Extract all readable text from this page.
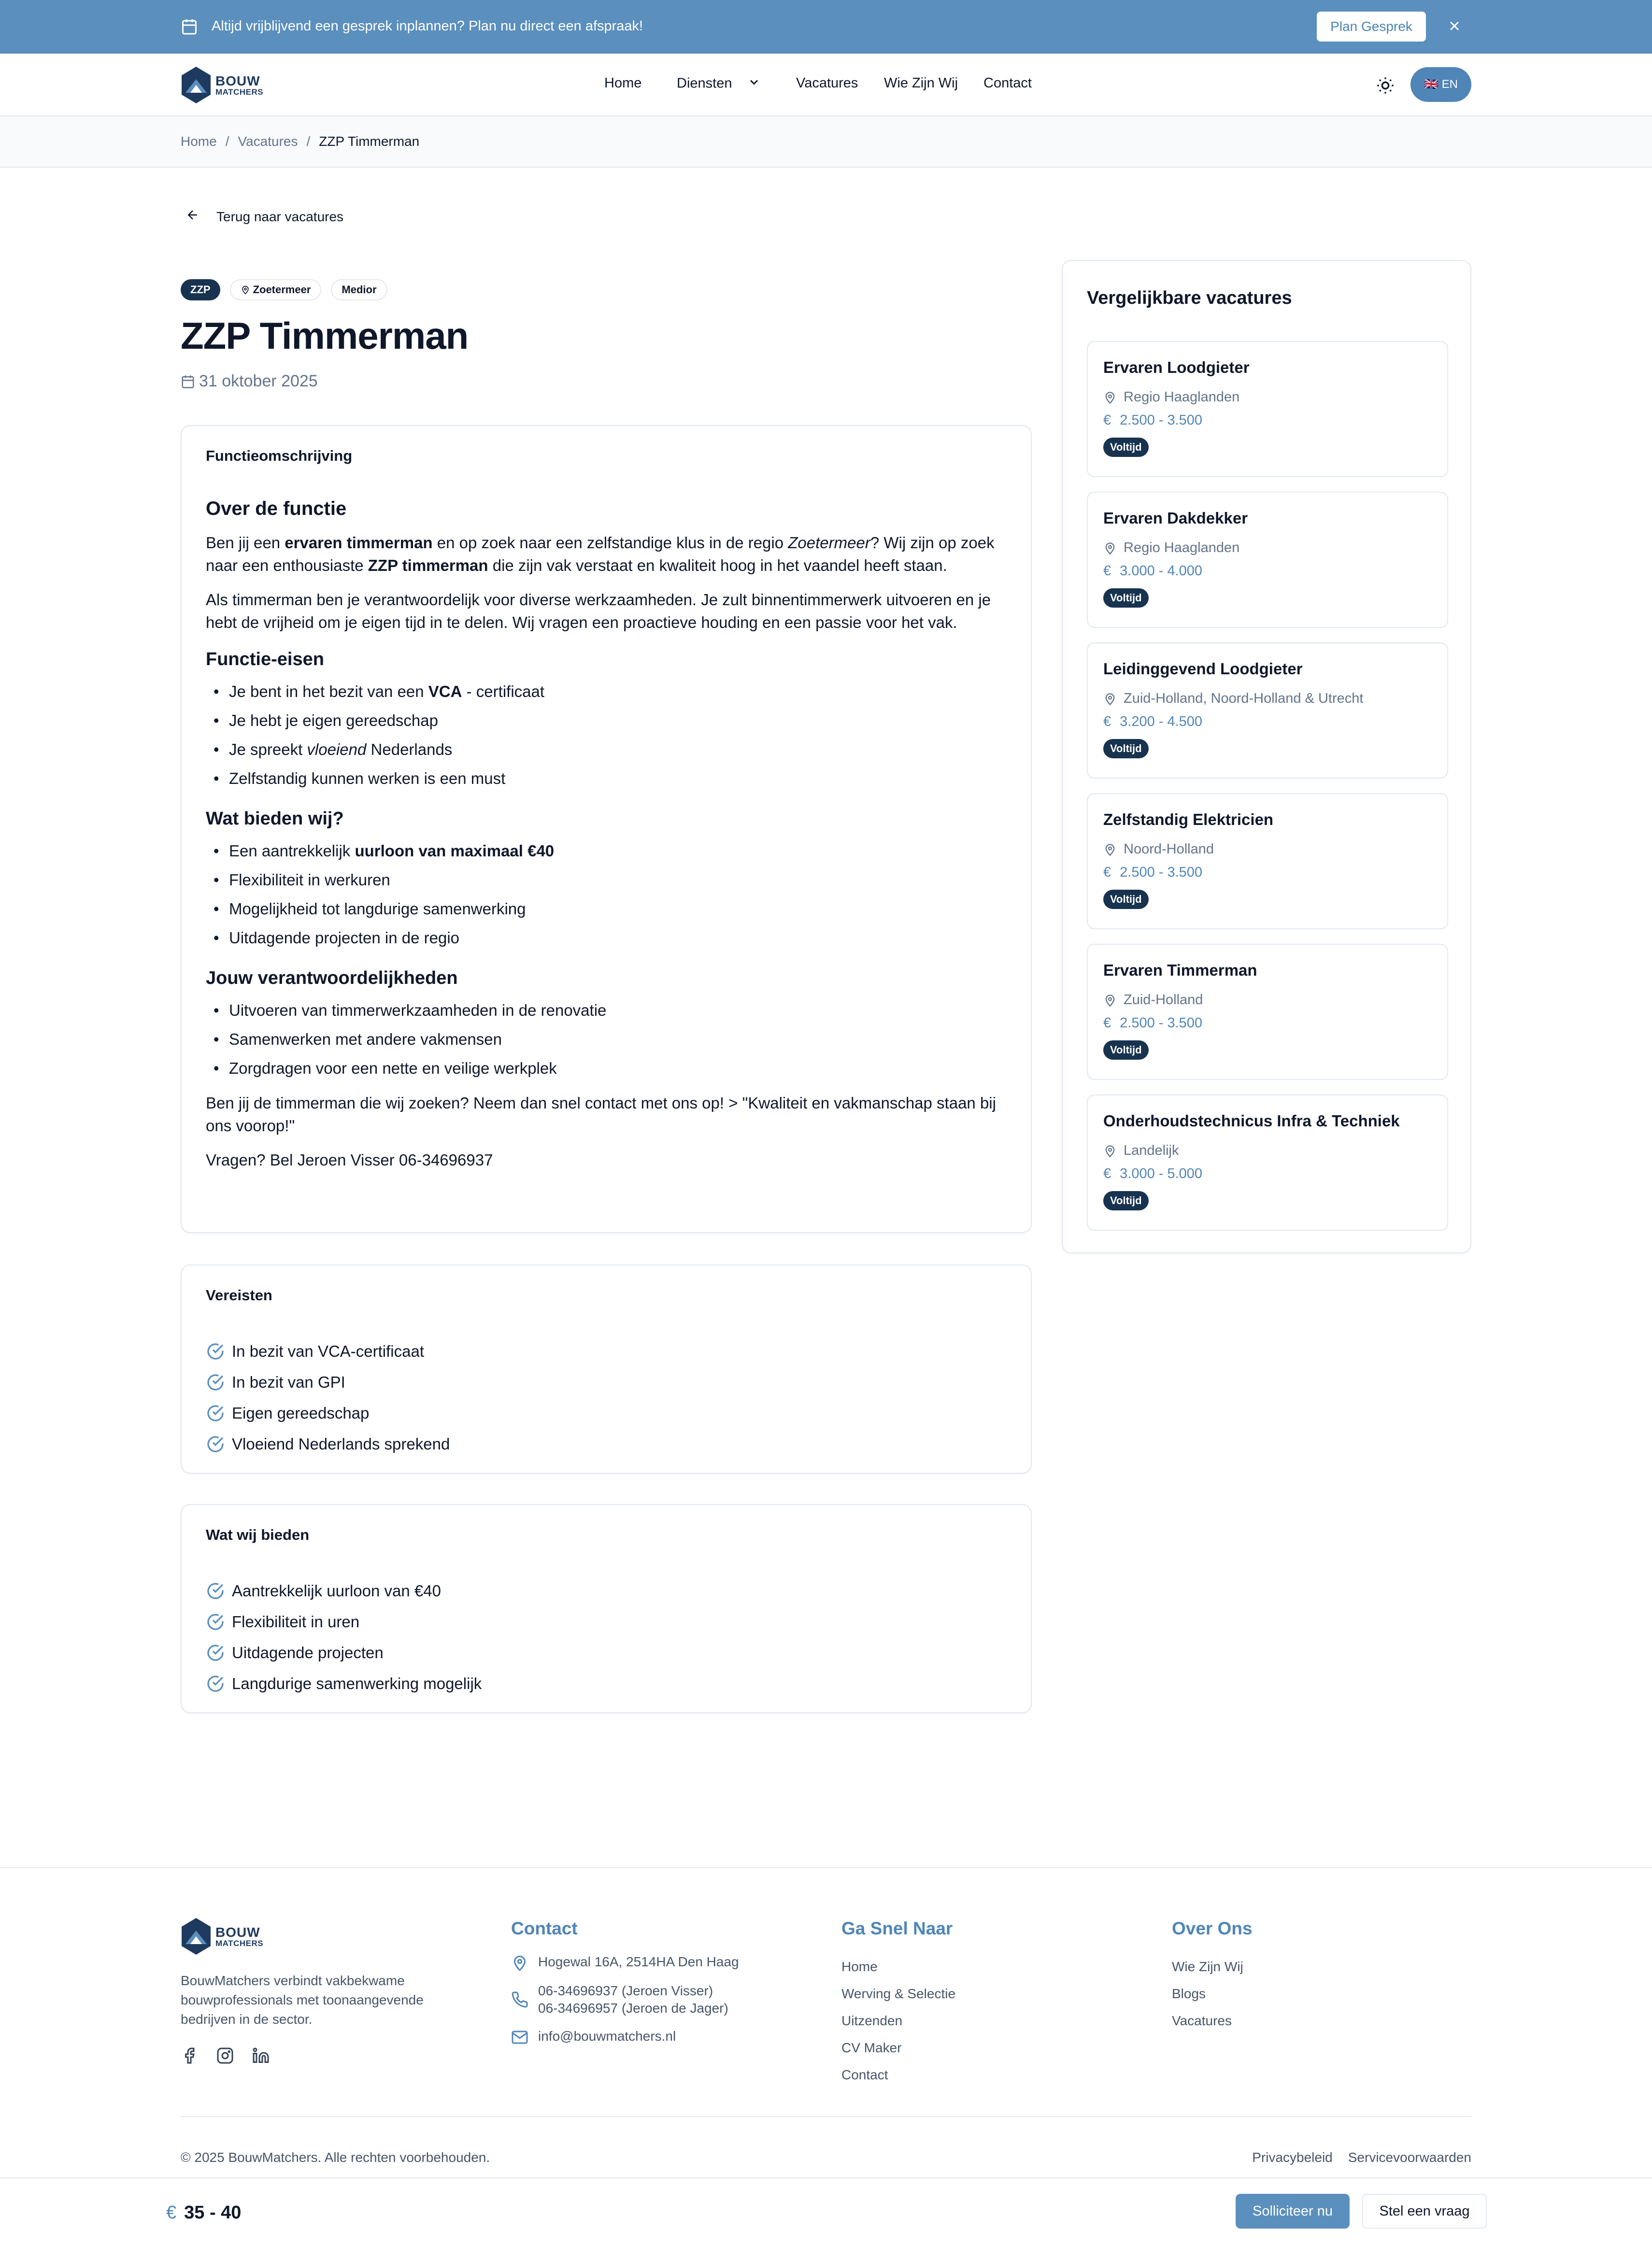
Altijd vrijblijvend een gesprek inplannen? Plan nu direct een afspraak!	Plan Gesprek	×
BOUW
MATCHERS
Home	Diensten	Vacatures Wie Zijn Wij Contact	🇬🇧 EN
Home / Vacatures / ZZP Timmerman
Terug naar vacatures
ZZP	Zoetermeer	Medior
ZZP Timmerman
31 oktober 2025
Functieomschrijving
Over de functie

Ben jij een ervaren timmerman en op zoek naar een zelfstandige klus in de regio Zoetermeer? Wij zijn op zoek naar een enthousiaste ZZP timmerman die zijn vak verstaat en kwaliteit hoog in het vaandel heeft staan.

Als timmerman ben je verantwoordelijk voor diverse werkzaamheden. Je zult binnentimmerwerk uitvoeren en je hebt de vrijheid om je eigen tijd in te delen. Wij vragen een proactieve houding en een passie voor het vak.

Functie-eisen
• Je bent in het bezit van een VCA - certificaat
• Je hebt je eigen gereedschap
• Je spreekt vloeiend Nederlands
• Zelfstandig kunnen werken is een must
Wat bieden wij?
• Een aantrekkelijk uurloon van maximaal €40
• Flexibiliteit in werkuren
• Mogelijkheid tot langdurige samenwerking
• Uitdagende projecten in de regio
Jouw verantwoordelijkheden
• Uitvoeren van timmerwerkzaamheden in de renovatie
• Samenwerken met andere vakmensen
• Zorgdragen voor een nette en veilige werkplek

Ben jij de timmerman die wij zoeken? Neem dan snel contact met ons op! > "Kwaliteit en vakmanschap staan bij ons voorop!"

Vragen? Bel Jeroen Visser 06-34696937

Vereisten
In bezit van VCA-certificaat
In bezit van GPI
Eigen gereedschap
Vloeiend Nederlands sprekend
Wat wij bieden
Aantrekkelijk uurloon van €40
Flexibiliteit in uren
Uitdagende projecten
Langdurige samenwerking mogelijk
Vergelijkbare vacatures
Ervaren Loodgieter
Regio Haaglanden
€ 2.500 - 3.500
Voltijd
Ervaren Dakdekker
Regio Haaglanden
€ 3.000 - 4.000
Voltijd
Leidinggevend Loodgieter
Zuid-Holland, Noord-Holland & Utrecht
€ 3.200 - 4.500
Voltijd
Zelfstandig Elektricien
Noord-Holland
€ 2.500 - 3.500
Voltijd
Ervaren Timmerman
Zuid-Holland
€ 2.500 - 3.500
Voltijd
Onderhoudstechnicus Infra & Techniek
Landelijk
€ 3.000 - 5.000
Voltijd
BOUW
MATCHERS
BouwMatchers verbindt vakbekwame bouwprofessionals met toonaangevende bedrijven in de sector.
Contact
Hogewal 16A, 2514HA Den Haag
06-34696937 (Jeroen Visser)
06-34696957 (Jeroen de Jager)
info@bouwmatchers.nl
Ga Snel Naar
Home
Werving & Selectie
Uitzenden
CV Maker
Contact
Over Ons
Wie Zijn Wij
Blogs
Vacatures
© 2025 BouwMatchers. Alle rechten voorbehouden.	Privacybeleid Servicevoorwaarden
€ 35 - 40	Solliciteer nu	Stel een vraag
